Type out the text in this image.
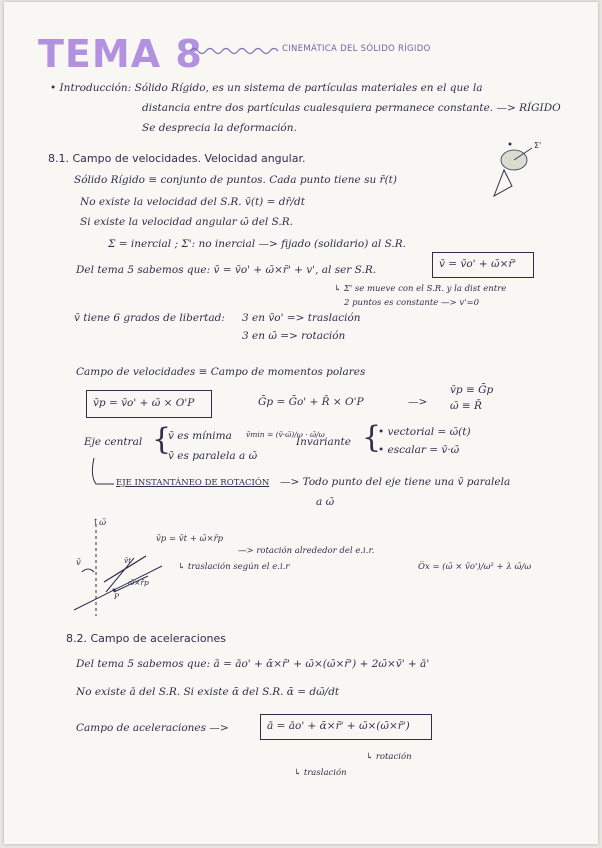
TEMA 8	CINEMÁTICA DEL SÓLIDO RÍGIDO
• Introducción: Sólido Rígido, es un sistema de partículas materiales en el que la
distancia entre dos partículas cualesquiera permanece constante. —> RÍGIDO
Se desprecia la deformación.
8.1. Campo de velocidades. Velocidad angular.
Σ'
Sólido Rígido ≡ conjunto de puntos. Cada punto tiene su r̄(t)
No existe la velocidad del S.R. v̄(t) = dr̄/dt
Si existe la velocidad angular ω̄ del S.R.
Σ = inercial ; Σ': no inercial —> fijado (solidario) al S.R.
Del tema 5 sabemos que: v̄ = v̄o' + ω̄×r̄' + v', al ser S.R.	v̄ = v̄o' + ω̄×r̄'
↳ Σ' se mueve con el S.R. y la dist entre
2 puntos es constante —> v'=0
v̄ tiene 6 grados de libertad: 3 en v̄o' => traslación
3 en ω̄ => rotación
Campo de velocidades ≡ Campo de momentos polares
v̄p = v̄o' + ω̄ × O'P	Ḡp = Ḡo' + R̄ × O'P	—>
v̄p ≡ Ḡp
ω̄ ≡ R̄
Eje central {
v̄ es mínima v̄min = (v̄·ω̄)/ω · ω̄/ω
v̄ es paralela a ω̄
Invariante {
• vectorial = ω̄(t)
• escalar = v̄·ω̄
EJE INSTANTÁNEO DE ROTACIÓN —> Todo punto del eje tiene una v̄ paralela
a ω̄
↑ω̄
v̄	v̄t
ω̄×r̄p
P
v̄p = v̄t + ω̄×r̄p
—> rotación alrededor del e.i.r.
↳ traslación según el e.i.r	O̅x = (ω̄ × v̄o')/ω² + λ ω̄/ω
8.2. Campo de aceleraciones
Del tema 5 sabemos que: ā = āo' + ᾱ×r̄' + ω̄×(ω̄×r̄') + 2ω̄×v̄' + ā'
No existe ā del S.R. Si existe ᾱ del S.R. ᾱ = dω̄/dt
Campo de aceleraciones —>	ā = āo' + ᾱ×r̄' + ω̄×(ω̄×r̄')
↳ rotación
↳ traslación
